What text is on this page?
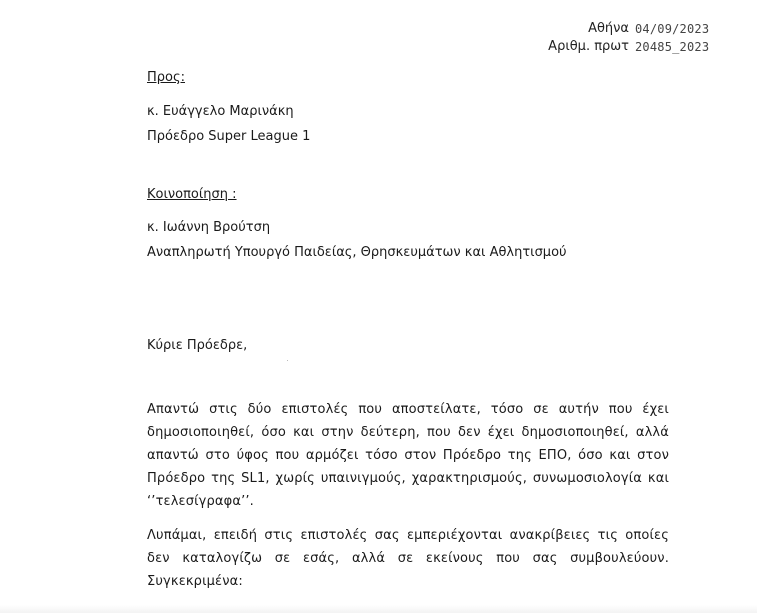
Αθήνα 04/09/2023
Αριθμ. πρωτ 20485_2023
Προς:
κ. Ευάγγελο Μαρινάκη
Πρόεδρο Super League 1
Κοινοποίηση :
κ. Ιωάννη Βρούτση
Αναπληρωτή Υπουργό Παιδείας, Θρησκευμάτων και Αθλητισμού
Κύριε Πρόεδρε,
Απαντώ στις δύο επιστολές που αποστείλατε, τόσο σε αυτήν που έχει
δημοσιοποιηθεί, όσο και στην δεύτερη, που δεν έχει δημοσιοποιηθεί, αλλά
απαντώ στο ύφος που αρμόζει τόσο στον Πρόεδρο της ΕΠΟ, όσο και στον
Πρόεδρο της SL1, χωρίς υπαινιγμούς, χαρακτηρισμούς, συνωμοσιολογία και
‘’τελεσίγραφα’’.
Λυπάμαι, επειδή στις επιστολές σας εμπεριέχονται ανακρίβειες τις οποίες
δεν καταλογίζω σε εσάς, αλλά σε εκείνους που σας συμβουλεύουν.
Συγκεκριμένα:
